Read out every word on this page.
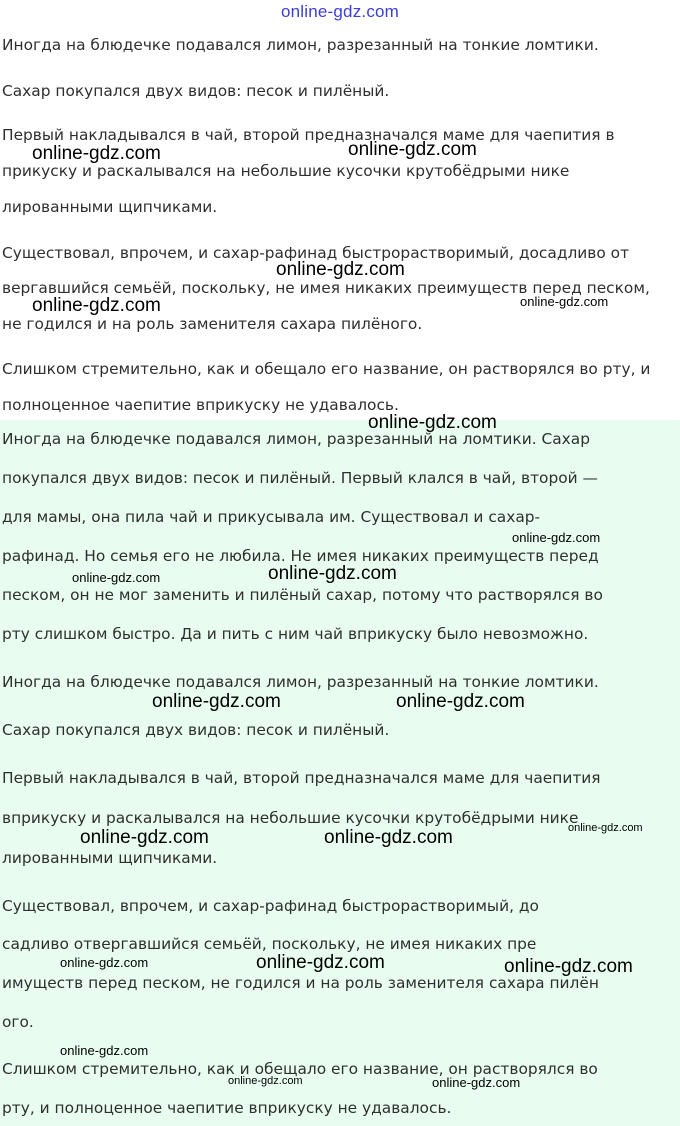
online-gdz.com
Иногда на блюдечке подавался лимон, разрезанный на тонкие ломтики.
Сахар покупался двух видов: песок и пилёный.
Первый накладывался в чай, второй предназначался маме для чаепития в
прикуску и раскалывался на небольшие кусочки крутобёдрыми нике
лированными щипчиками.
Существовал, впрочем, и сахар-рафинад быстрорастворимый, досадливо от
вергавшийся семьёй, поскольку, не имея никаких преимуществ перед песком,
не годился и на роль заменителя сахара пилёного.
Слишком стремительно, как и обещало его название, он растворялся во рту, и
полноценное чаепитие вприкуску не удавалось.
Иногда на блюдечке подавался лимон, разрезанный на ломтики. Сахар
покупался двух видов: песок и пилёный. Первый клался в чай, второй —
для мамы, она пила чай и прикусывала им. Существовал и сахар-
рафинад. Но семья его не любила. Не имея никаких преимуществ перед
песком, он не мог заменить и пилёный сахар, потому что растворялся во
рту слишком быстро. Да и пить с ним чай вприкуску было невозможно.
Иногда на блюдечке подавался лимон, разрезанный на тонкие ломтики.
Сахар покупался двух видов: песок и пилёный.
Первый накладывался в чай, второй предназначался маме для чаепития
вприкуску и раскалывался на небольшие кусочки крутобёдрыми нике
лированными щипчиками.
Существовал, впрочем, и сахар-рафинад быстрорастворимый, до
садливо отвергавшийся семьёй, поскольку, не имея никаких пре
имуществ перед песком, не годился и на роль заменителя сахара пилён
ого.
Слишком стремительно, как и обещало его название, он растворялся во
рту, и полноценное чаепитие вприкуску не удавалось.
online-gdz.com	online-gdz.com
online-gdz.com
online-gdz.com	online-gdz.com
online-gdz.com
online-gdz.com
online-gdz.com
online-gdz.com
online-gdz.com	online-gdz.com
online-gdz.com
online-gdz.com	online-gdz.com
online-gdz.com	online-gdz.com	online-gdz.com
online-gdz.com
online-gdz.com	online-gdz.com
